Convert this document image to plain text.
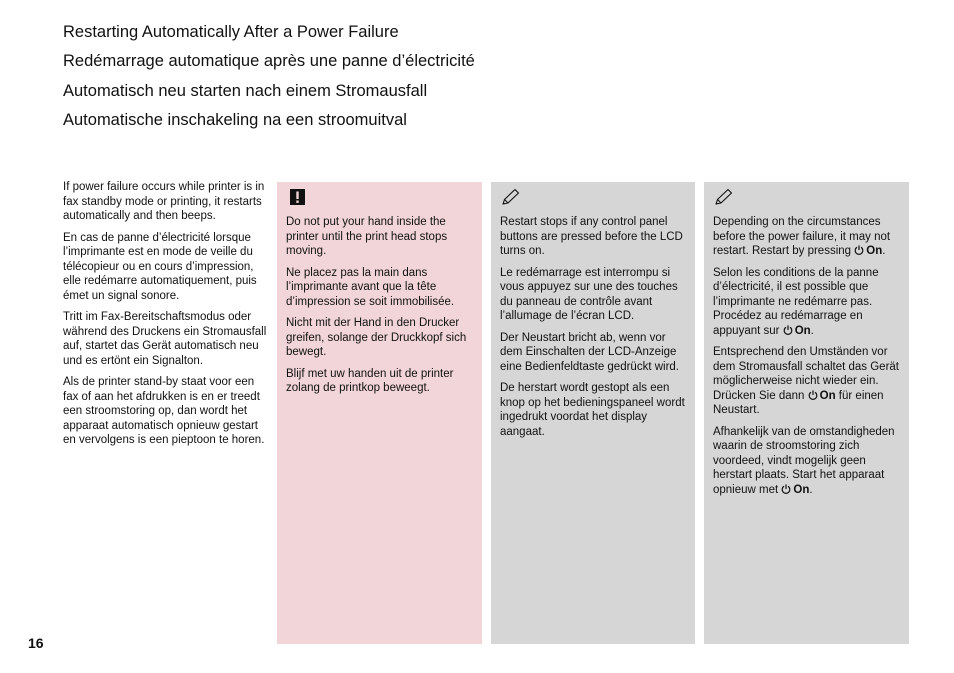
Restarting Automatically After a Power Failure
Redémarrage automatique après une panne d’électricité
Automatisch neu starten nach einem Stromausfall
Automatische inschakeling na een stroomuitval

If power failure occurs while printer is in fax standby mode or printing, it restarts automatically and then beeps.

En cas de panne d’électricité lorsque l’imprimante est en mode de veille du télécopieur ou en cours d’impression, elle redémarre automatiquement, puis émet un signal sonore.

Tritt im Fax-Bereitschaftsmodus oder während des Druckens ein Stromausfall auf, startet das Gerät automatisch neu und es ertönt ein Signalton.

Als de printer stand-by staat voor een fax of aan het afdrukken is en er treedt een stroomstoring op, dan wordt het apparaat automatisch opnieuw gestart en vervolgens is een pieptoon te horen.

Do not put your hand inside the printer until the print head stops moving.

Ne placez pas la main dans l’imprimante avant que la tête d’impression se soit immobilisée.

Nicht mit der Hand in den Drucker greifen, solange der Druckkopf sich bewegt.

Blijf met uw handen uit de printer zolang de printkop beweegt.

Restart stops if any control panel buttons are pressed before the LCD turns on.

Le redémarrage est interrompu si vous appuyez sur une des touches du panneau de contrôle avant l’allumage de l’écran LCD.

Der Neustart bricht ab, wenn vor dem Einschalten der LCD-Anzeige eine Bedienfeldtaste gedrückt wird.

De herstart wordt gestopt als een knop op het bedieningspaneel wordt ingedrukt voordat het display aangaat.

Depending on the circumstances before the power failure, it may not restart. Restart by pressing On.

Selon les conditions de la panne d’électricité, il est possible que l’imprimante ne redémarre pas. Procédez au redémarrage en appuyant sur On.

Entsprechend den Umständen vor dem Stromausfall schaltet das Gerät möglicherweise nicht wieder ein. Drücken Sie dann On für einen Neustart.

Afhankelijk van de omstandigheden waarin de stroomstoring zich voordeed, vindt mogelijk geen herstart plaats. Start het apparaat opnieuw met On.

16
